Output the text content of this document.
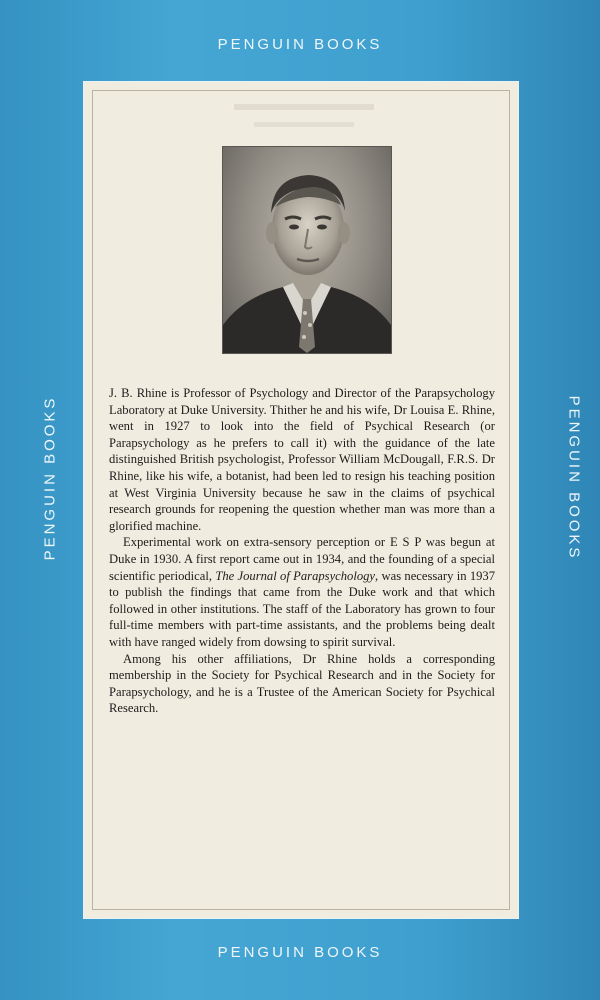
PENGUIN BOOKS
PENGUIN BOOKS	PENGUIN BOOKS
PENGUIN BOOKS

J. B. Rhine is Professor of Psychology and Director of the Parapsychology Laboratory at Duke University. Thither he and his wife, Dr Louisa E. Rhine, went in 1927 to look into the field of Psychical Research (or Parapsychology as he prefers to call it) with the guidance of the late distinguished British psychologist, Professor William McDougall, F.R.S. Dr Rhine, like his wife, a botanist, had been led to resign his teaching position at West Virginia University because he saw in the claims of psychical research grounds for reopening the question whether man was more than a glorified machine.

Experimental work on extra-sensory perception or E S P was begun at Duke in 1930. A first report came out in 1934, and the founding of a special scientific periodical, The Journal of Parapsychology, was necessary in 1937 to publish the findings that came from the Duke work and that which followed in other institutions. The staff of the Laboratory has grown to four full-time members with part-time assistants, and the problems being dealt with have ranged widely from dowsing to spirit survival.

Among his other affiliations, Dr Rhine holds a corresponding membership in the Society for Psychical Research and in the Society for Parapsychology, and he is a Trustee of the American Society for Psychical Research.
